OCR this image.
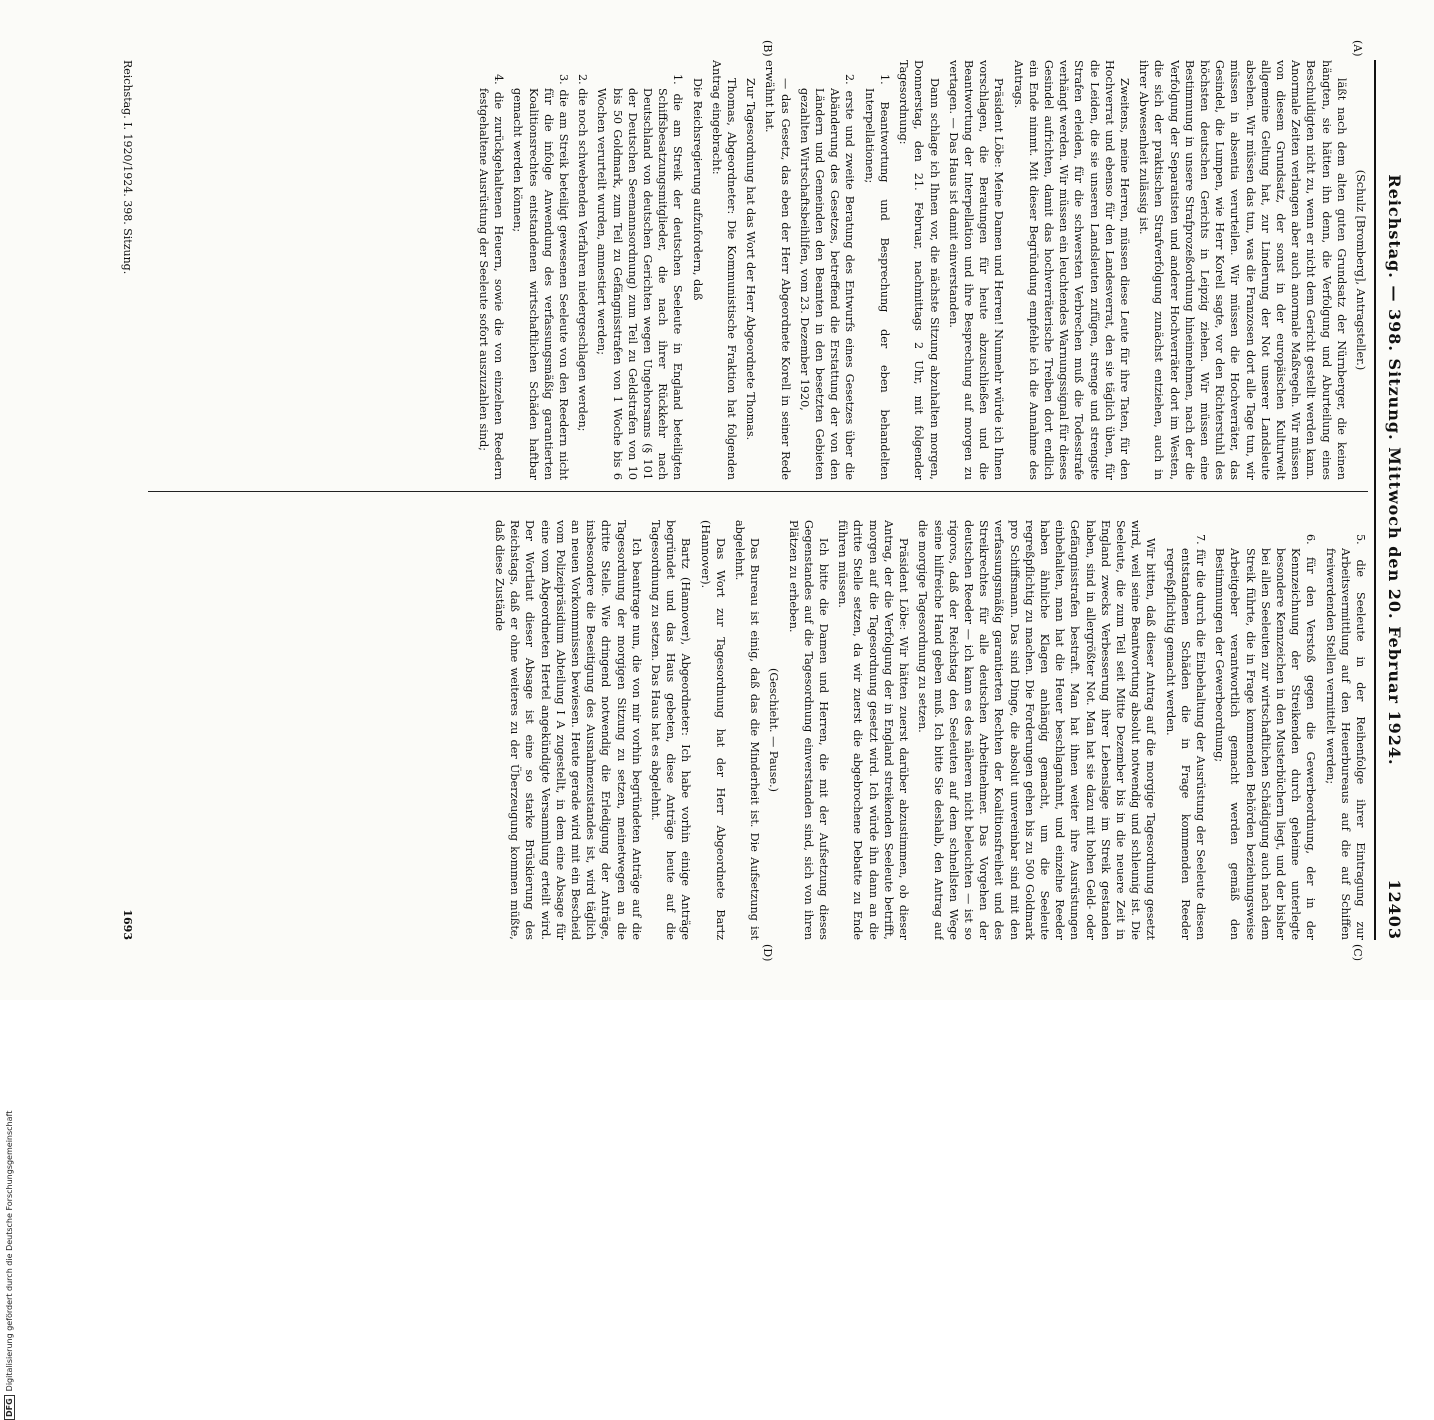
Reichstag. — 398. Sitzung. Mittwoch den 20. Februar 1924.
12403
(A)
(B)
(C)
(D)

(Schulz [Bromberg], Antragsteller.)

läßt nach dem alten guten Grundsatz der Nürnberger, die keinen hängten, sie hätten ihn denn, die Verfolgung und Aburteilung eines Beschuldigten nicht zu, wenn er nicht dem Gericht gestellt werden kann. Anormale Zeiten verlangen aber auch anormale Maßregeln. Wir müssen von diesem Grundsatz, der sonst in der europäischen Kulturwelt allgemeine Geltung hat, zur Linderung der Not unserer Landsleute absehen. Wir müssen das tun, was die Franzosen dort alle Tage tun, wir müssen in absentia verurteilen. Wir müssen die Hochverräter, das Gesindel, die Lumpen, wie Herr Korell sagte, vor den Richterstuhl des höchsten deutschen Gerichts in Leipzig ziehen. Wir müssen eine Bestimmung in unsere Strafprozeßordnung hineinnehmen, nach der die Verfolgung der Separatisten und anderer Hochverräter dort im Westen, die sich der praktischen Strafverfolgung zunächst entziehen, auch in ihrer Abwesenheit zulässig ist.

Zweitens, meine Herren, müssen diese Leute für ihre Taten, für den Hochverrat und ebenso für den Landesverrat, den sie täglich üben, für die Leiden, die sie unseren Landsleuten zufügen, strenge und strengste Strafen erleiden, für die schwersten Verbrechen muß die Todesstrafe verhängt werden. Wir müssen ein leuchtendes Warnungssignal für dieses Gesindel aufrichten, damit das hochverräterische Treiben dort endlich ein Ende nimmt. Mit dieser Begründung empfehle ich die Annahme des Antrags.

Präsident Löbe: Meine Damen und Herren! Nunmehr würde ich Ihnen vorschlagen, die Beratungen für heute abzuschließen und die Beantwortung der Interpellation und ihre Besprechung auf morgen zu vertagen. — Das Haus ist damit einverstanden.

Dann schlage ich Ihnen vor, die nächste Sitzung abzuhalten morgen, Donnerstag, den 21. Februar, nachmittags 2 Uhr, mit folgender Tagesordnung:

1. Beantwortung und Besprechung der eben behandelten Interpellationen;

2. erste und zweite Beratung des Entwurfs eines Gesetzes über die Abänderung des Gesetzes, betreffend die Erstattung der von den Ländern und Gemeinden den Beamten in den besetzten Gebieten gezahlten Wirtschaftsbeihilfen, vom 23. Dezember 1920,

— das Gesetz, das eben der Herr Abgeordnete Korell in seiner Rede erwähnt hat.

Zur Tagesordnung hat das Wort der Herr Abgeordnete Thomas.

Thomas, Abgeordneter: Die Kommunistische Fraktion hat folgenden Antrag eingebracht:

Die Reichsregierung aufzufordern, daß

1. die am Streik der deutschen Seeleute in England beteiligten Schiffsbesatzungsmitglieder, die nach ihrer Rückkehr nach Deutschland von deutschen Gerichten wegen Ungehorsams (§ 101 der Deutschen Seemannsordnung) zum Teil zu Geldstrafen von 10 bis 50 Goldmark, zum Teil zu Gefängnisstrafen von 1 Woche bis 6 Wochen verurteilt wurden, amnestiert werden;

2. die noch schwebenden Verfahren niedergeschlagen werden;

3. die am Streik beteiligt gewesenen Seeleute von den Reedern nicht für die infolge Anwendung des verfassungsmäßig garantierten Koalitionsrechtes entstandenen wirtschaftlichen Schäden haftbar gemacht werden können;

4. die zurückgehaltenen Heuern, sowie die von einzelnen Reedern festgehaltene Ausrüstung der Seeleute sofort auszuzahlen sind;

5. die Seeleute in der Reihenfolge ihrer Eintragung zur Arbeitsvermittlung auf den Heuerbureaus auf die auf Schiffen freiwerdenden Stellen vermittelt werden;

6. für den Verstoß gegen die Gewerbeordnung, der in der Kennzeichnung der Streikenden durch geheime unterlegte besondere Kennzeichen in den Musterbüchern liegt, und der bisher bei allen Seeleuten zur wirtschaftlichen Schädigung auch nach dem Streik führte, die in Frage kommenden Behörden beziehungsweise Arbeitgeber verantwortlich gemacht werden gemäß den Bestimmungen der Gewerbeordnung;

7. für die durch die Einbehaltung der Ausrüstung der Seeleute diesen entstandenen Schäden die in Frage kommenden Reeder regreßpflichtig gemacht werden.

Wir bitten, daß dieser Antrag auf die morgige Tagesordnung gesetzt wird, weil seine Beantwortung absolut notwendig und schleunig ist. Die Seeleute, die zum Teil seit Mitte Dezember bis in die neuere Zeit in England zwecks Verbesserung ihrer Lebenslage im Streik gestanden haben, sind in allergrößter Not. Man hat sie dazu mit hohen Geld- oder Gefängnisstrafen bestraft. Man hat ihnen weiter ihre Ausrüstungen einbehalten, man hat die Heuer beschlagnahmt, und einzelne Reeder haben ähnliche Klagen anhängig gemacht, um die Seeleute regreßpflichtig zu machen. Die Forderungen gehen bis zu 500 Goldmark pro Schiffsmann. Das sind Dinge, die absolut unvereinbar sind mit den verfassungsmäßig garantierten Rechten der Koalitionsfreiheit und des Streikrechtes für alle deutschen Arbeitnehmer. Das Vorgehen der deutschen Reeder — ich kann es des näheren nicht beleuchten — ist so rigoros, daß der Reichstag den Seeleuten auf dem schnellsten Wege seine hilfreiche Hand geben muß. Ich bitte Sie deshalb, den Antrag auf die morgige Tagesordnung zu setzen.

Präsident Löbe: Wir hätten zuerst darüber abzustimmen, ob dieser Antrag, der die Verfolgung der in England streikenden Seeleute betrifft, morgen auf die Tagesordnung gesetzt wird. Ich würde ihn dann an die dritte Stelle setzen, da wir zuerst die abgebrochene Debatte zu Ende führen müssen.

Ich bitte die Damen und Herren, die mit der Aufsetzung dieses Gegenstandes auf die Tagesordnung einverstanden sind, sich von ihren Plätzen zu erheben.

(Geschieht. — Pause.)

Das Bureau ist einig, daß das die Minderheit ist. Die Aufsetzung ist abgelehnt.

Das Wort zur Tagesordnung hat der Herr Abgeordnete Bartz (Hannover).

Bartz (Hannover), Abgeordneter: Ich habe vorhin einige Anträge begründet und das Haus gebeten, diese Anträge heute auf die Tagesordnung zu setzen. Das Haus hat es abgelehnt.

Ich beantrage nun, die von mir vorhin begründeten Anträge auf die Tagesordnung der morgigen Sitzung zu setzen, meinetwegen an die dritte Stelle. Wie dringend notwendig die Erledigung der Anträge, insbesondere die Beseitigung des Ausnahmezustandes ist, wird täglich an neuen Vorkommnissen bewiesen. Heute gerade wird mit ein Bescheid vom Polizeipräsidium Abteilung I A zugestellt, in dem eine Absage für eine vom Abgeordneten Hertel angekündigte Versammlung erteilt wird. Der Wortlaut dieser Absage ist eine so starke Brüskierung des Reichstags, daß er ohne weiteres zu der Überzeugung kommen müßte, daß diese Zustände

Reichstag. I. 1920/1924. 398. Sitzung.
1693
DFGDigitalisierung gefördert durch die Deutsche Forschungsgemeinschaft
